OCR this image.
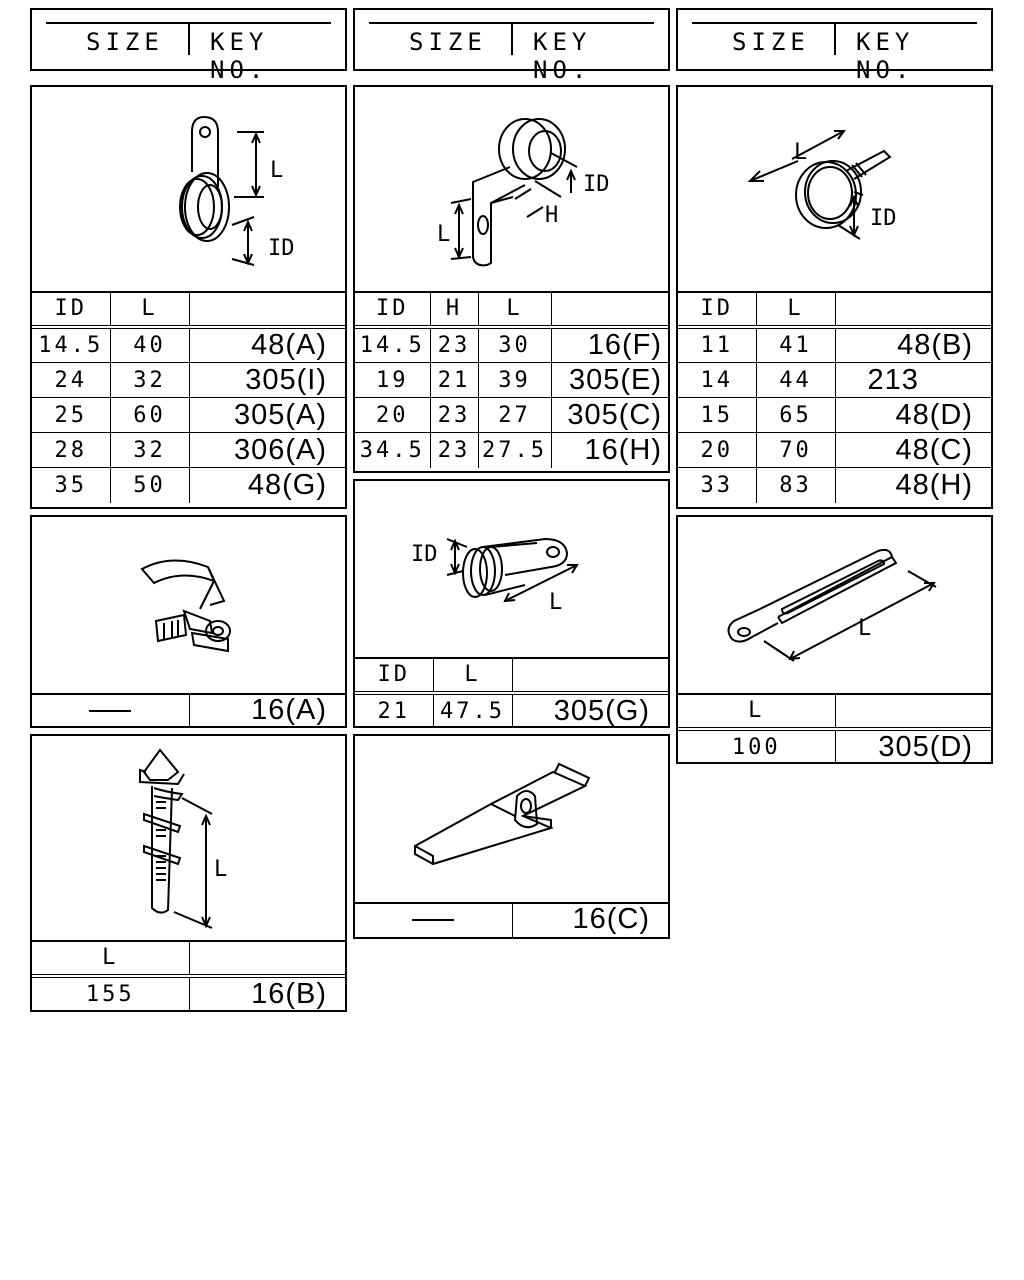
SIZE KEY NO.
SIZE KEY NO.
SIZE KEY NO.
L
ID
ID	L	
14.5	40	48(A)
24	32	305(I)
25	60	305(A)
28	32	306(A)
35	50	48(G)
ID
H
L
ID	H	L	
14.5	23	30	16(F)
19	21	39	305(E)
20	23	27	305(C)
34.5	23	27.5	16(H)
L
ID
ID	L	
11	41	48(B)
14	44	213
15	65	48(D)
20	70	48(C)
33	83	48(H)
	16(A)
ID
L
ID	L	
21	47.5	305(G)
L
L	
100	305(D)
L
L	
155	16(B)
	16(C)
